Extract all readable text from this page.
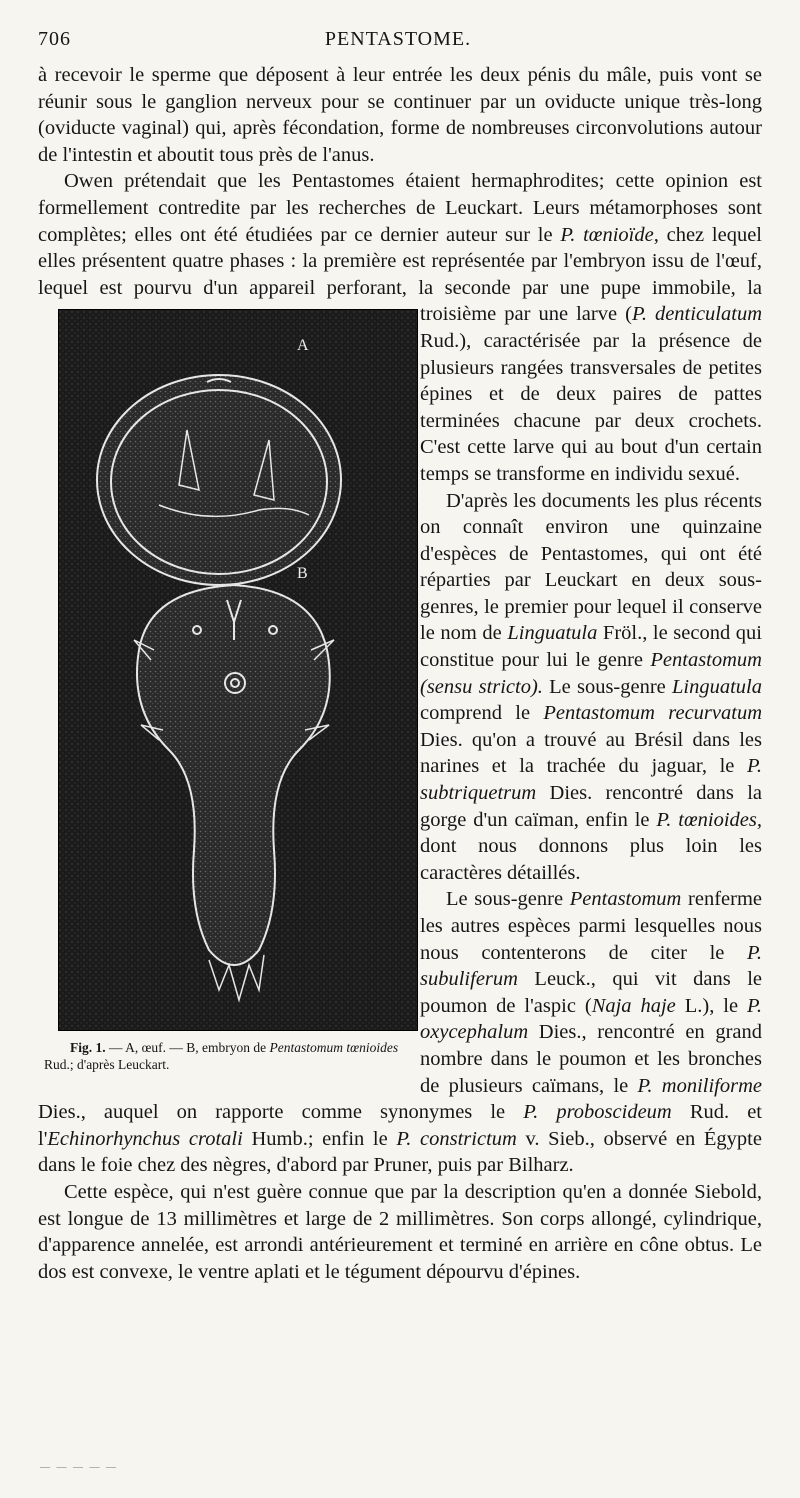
706	PENTASTOME.

à recevoir le sperme que déposent à leur entrée les deux pénis du mâle, puis vont se réunir sous le ganglion nerveux pour se continuer par un oviducte unique très-long (oviducte vaginal) qui, après fécondation, forme de nombreuses circonvolutions autour de l'intestin et aboutit tous près de l'anus.

Owen prétendait que les Pentastomes étaient hermaphrodites; cette opinion est formellement contredite par les recherches de Leuckart. Leurs métamorphoses sont complètes; elles ont été étudiées par ce dernier auteur sur le P. tœnioïde, chez lequel elles présentent quatre phases : la première est représentée par l'embryon issu de l'œuf, lequel est pourvu d'un appareil perforant, la seconde par une pupe immobile, la troisième par une larve (P. denticulatum
A
B
Fig. 1. — A, œuf. — B, embryon de Pentastomum tœnioides Rud.; d'après Leuckart.
Rud.), caractérisée par la présence de plusieurs rangées transversales de petites épines et de deux paires de pattes terminées chacune par deux crochets. C'est cette larve qui au bout d'un certain temps se transforme en individu sexué.

D'après les documents les plus récents on connaît environ une quinzaine d'espèces de Pentastomes, qui ont été réparties par Leuckart en deux sous-genres, le premier pour lequel il conserve le nom de Linguatula Fröl., le second qui constitue pour lui le genre Pentastomum (sensu stricto). Le sous-genre Linguatula comprend le Pentastomum recurvatum Dies. qu'on a trouvé au Brésil dans les narines et la trachée du jaguar, le P. subtriquetrum Dies. rencontré dans la gorge d'un caïman, enfin le P. tœnioides, dont nous donnons plus loin les caractères détaillés.

Le sous-genre Pentastomum renferme les autres espèces parmi lesquelles nous nous contenterons de citer le P. subuliferum Leuck., qui vit dans le poumon de l'aspic (Naja haje L.), le P. oxycephalum Dies., rencontré en grand nombre dans le poumon et les bronches de plusieurs caïmans, le P. moniliforme Dies., auquel on rapporte comme synonymes le P. proboscideum Rud. et l'Echinorhynchus crotali Humb.; enfin le P. constrictum v. Sieb., observé en Égypte dans le foie chez des nègres, d'abord par Pruner, puis par Bilharz.

Cette espèce, qui n'est guère connue que par la description qu'en a donnée Siebold, est longue de 13 millimètres et large de 2 millimètres. Son corps allongé, cylindrique, d'apparence annelée, est arrondi antérieurement et terminé en arrière en cône obtus. Le dos est convexe, le ventre aplati et le tégument dépourvu d'épines.

— — — — —
